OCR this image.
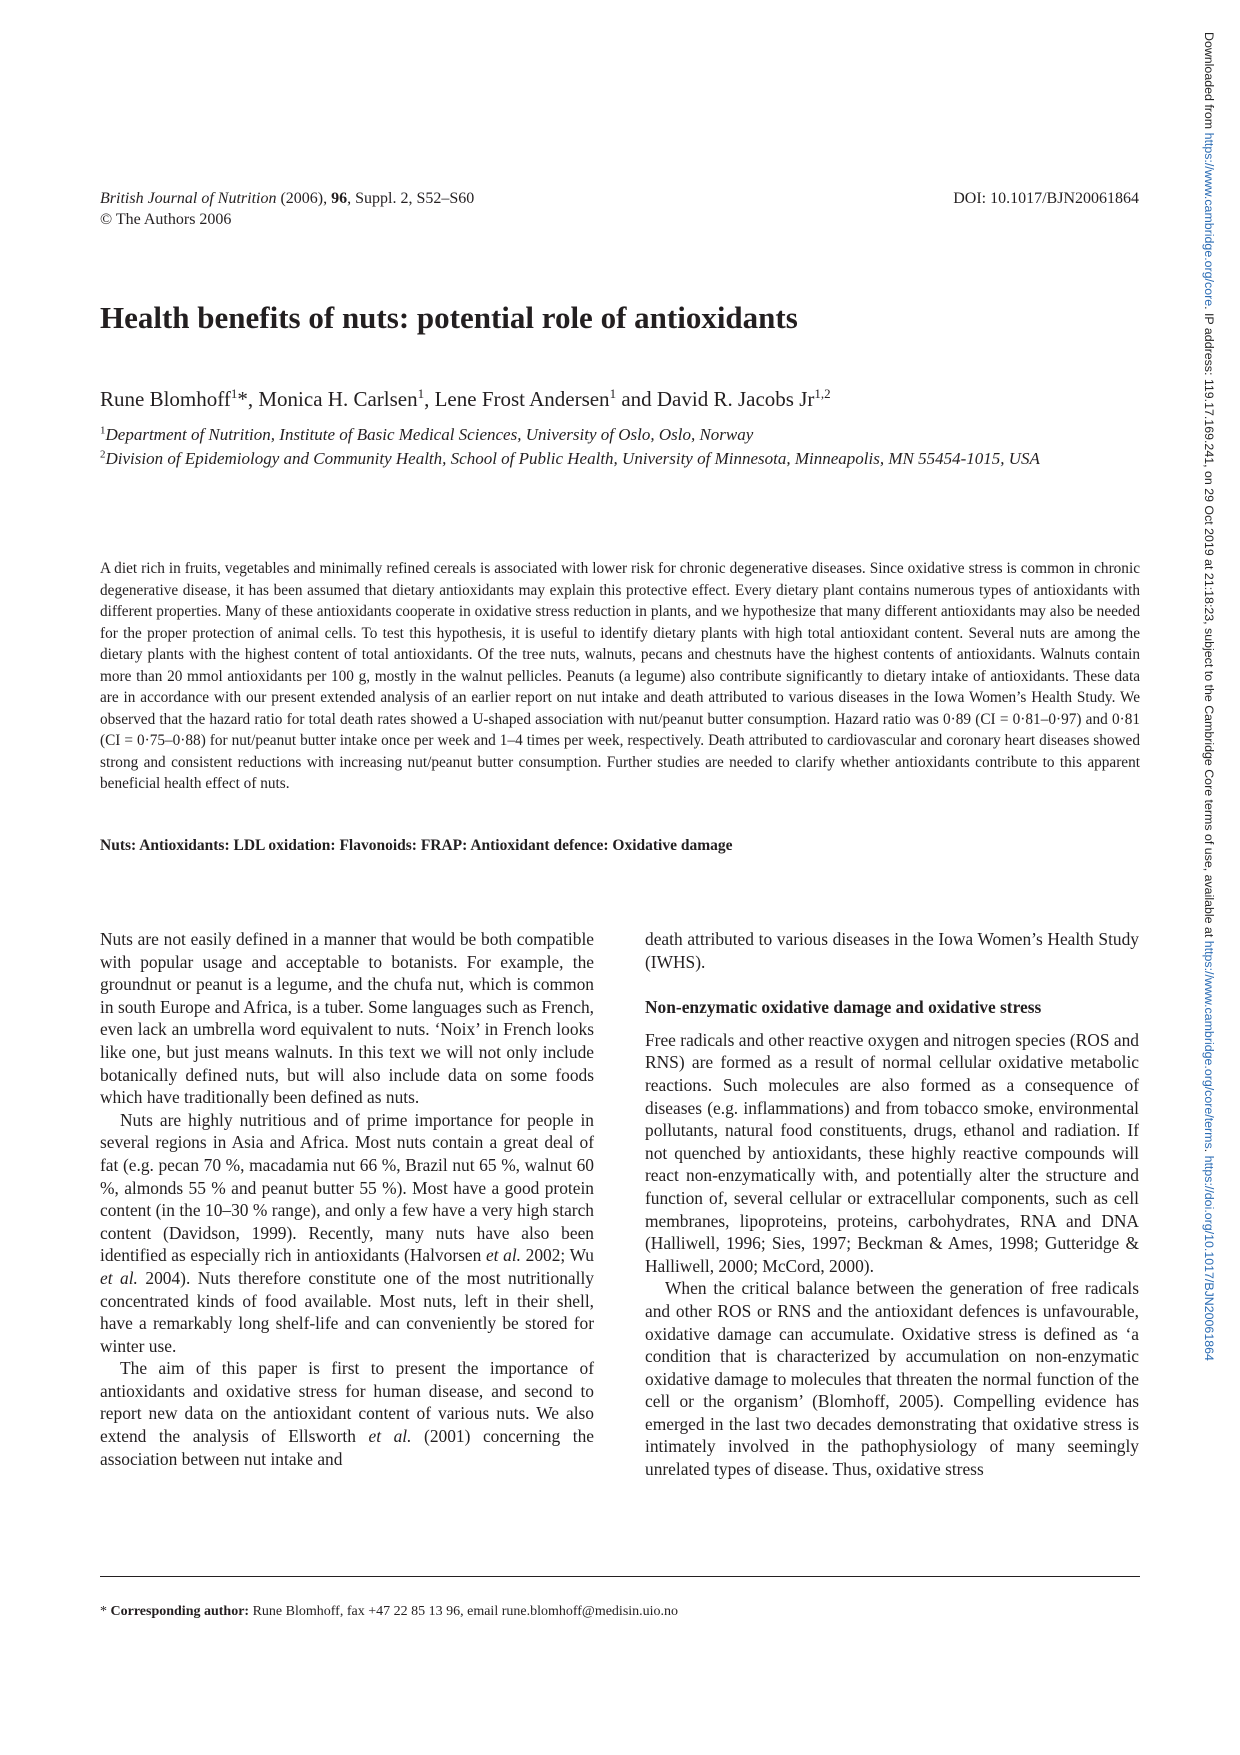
British Journal of Nutrition (2006), 96, Suppl. 2, S52–S60
© The Authors 2006
DOI: 10.1017/BJN20061864
Health benefits of nuts: potential role of antioxidants
Rune Blomhoff$^1$*, Monica H. Carlsen$^1$, Lene Frost Andersen$^1$ and David R. Jacobs Jr$^{1,2}$
$^1$Department of Nutrition, Institute of Basic Medical Sciences, University of Oslo, Oslo, Norway
$^2$Division of Epidemiology and Community Health, School of Public Health, University of Minnesota, Minneapolis, MN 55454-1015, USA

A diet rich in fruits, vegetables and minimally refined cereals is associated with lower risk for chronic degenerative diseases. Since oxidative stress is common in chronic degenerative disease, it has been assumed that dietary antioxidants may explain this protective effect. Every dietary plant contains numerous types of antioxidants with different properties. Many of these antioxidants cooperate in oxidative stress reduction in plants, and we hypothesize that many different antioxidants may also be needed for the proper protection of animal cells. To test this hypothesis, it is useful to identify dietary plants with high total antioxidant content. Several nuts are among the dietary plants with the highest content of total antioxidants. Of the tree nuts, walnuts, pecans and chestnuts have the highest contents of antioxidants. Walnuts contain more than 20 mmol antioxidants per 100 g, mostly in the walnut pellicles. Peanuts (a legume) also contribute significantly to dietary intake of antioxidants. These data are in accordance with our present extended analysis of an earlier report on nut intake and death attributed to various diseases in the Iowa Women’s Health Study. We observed that the hazard ratio for total death rates showed a U-shaped association with nut/peanut butter consumption. Hazard ratio was 0·89 (CI = 0·81–0·97) and 0·81 (CI = 0·75–0·88) for nut/peanut butter intake once per week and 1–4 times per week, respectively. Death attributed to cardiovascular and coronary heart diseases showed strong and consistent reductions with increasing nut/peanut butter consumption. Further studies are needed to clarify whether antioxidants contribute to this apparent beneficial health effect of nuts.

Nuts: Antioxidants: LDL oxidation: Flavonoids: FRAP: Antioxidant defence: Oxidative damage

Nuts are not easily defined in a manner that would be both compatible with popular usage and acceptable to botanists. For example, the groundnut or peanut is a legume, and the chufa nut, which is common in south Europe and Africa, is a tuber. Some languages such as French, even lack an umbrella word equivalent to nuts. ‘Noix’ in French looks like one, but just means walnuts. In this text we will not only include botanically defined nuts, but will also include data on some foods which have traditionally been defined as nuts.

Nuts are highly nutritious and of prime importance for people in several regions in Asia and Africa. Most nuts contain a great deal of fat (e.g. pecan 70 %, macadamia nut 66 %, Brazil nut 65 %, walnut 60 %, almonds 55 % and peanut butter 55 %). Most have a good protein content (in the 10–30 % range), and only a few have a very high starch content (Davidson, 1999). Recently, many nuts have also been identified as especially rich in antioxidants (Halvorsen et al. 2002; Wu et al. 2004). Nuts therefore constitute one of the most nutritionally concentrated kinds of food available. Most nuts, left in their shell, have a remarkably long shelf-life and can conveniently be stored for winter use.

The aim of this paper is first to present the importance of antioxidants and oxidative stress for human disease, and second to report new data on the antioxidant content of various nuts. We also extend the analysis of Ellsworth et al. (2001) concerning the association between nut intake and

death attributed to various diseases in the Iowa Women’s Health Study (IWHS).

Non-enzymatic oxidative damage and oxidative stress

Free radicals and other reactive oxygen and nitrogen species (ROS and RNS) are formed as a result of normal cellular oxidative metabolic reactions. Such molecules are also formed as a consequence of diseases (e.g. inflammations) and from tobacco smoke, environmental pollutants, natural food constituents, drugs, ethanol and radiation. If not quenched by antioxidants, these highly reactive compounds will react non-enzymatically with, and potentially alter the structure and function of, several cellular or extracellular components, such as cell membranes, lipoproteins, proteins, carbohydrates, RNA and DNA (Halliwell, 1996; Sies, 1997; Beckman & Ames, 1998; Gutteridge & Halliwell, 2000; McCord, 2000).

When the critical balance between the generation of free radicals and other ROS or RNS and the antioxidant defences is unfavourable, oxidative damage can accumulate. Oxidative stress is defined as ‘a condition that is characterized by accumulation on non-enzymatic oxidative damage to molecules that threaten the normal function of the cell or the organism’ (Blomhoff, 2005). Compelling evidence has emerged in the last two decades demonstrating that oxidative stress is intimately involved in the pathophysiology of many seemingly unrelated types of disease. Thus, oxidative stress

* Corresponding author: Rune Blomhoff, fax +47 22 85 13 96, email rune.blomhoff@medisin.uio.no
Downloaded from https://www.cambridge.org/core. IP address: 119.17.169.241, on 29 Oct 2019 at 21:18:23, subject to the Cambridge Core terms of use, available at https://www.cambridge.org/core/terms. https://doi.org/10.1017/BJN20061864
